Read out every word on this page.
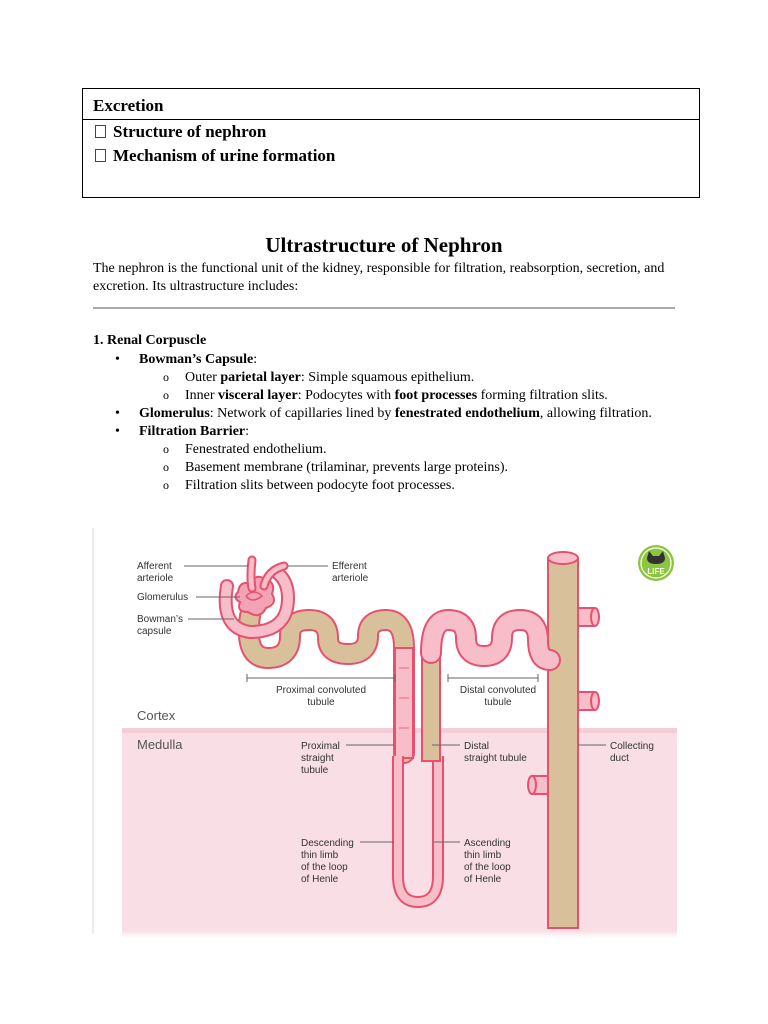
Excretion
Structure of nephron
Mechanism of urine formation
Ultrastructure of Nephron
The nephron is the functional unit of the kidney, responsible for filtration, reabsorption, secretion, and excretion. Its ultrastructure includes:
1. Renal Corpuscle
• Bowman’s Capsule:
o Outer parietal layer: Simple squamous epithelium.
o Inner visceral layer: Podocytes with foot processes forming filtration slits.
• Glomerulus: Network of capillaries lined by fenestrated endothelium, allowing filtration.
• Filtration Barrier:
o Fenestrated endothelium.
o Basement membrane (trilaminar, prevents large proteins).
o Filtration slits between podocyte foot processes.
Afferent
arteriole
Efferent
arteriole
Glomerulus
Bowman’s
capsule
Proximal convoluted
tubule
Distal convoluted
tubule
Proximal
straight
tubule
Distal
straight tubule
Collecting
duct
Descending
thin limb
of the loop
of Henle
Ascending
thin limb
of the loop
of Henle
Cortex
Medulla
LIFE
